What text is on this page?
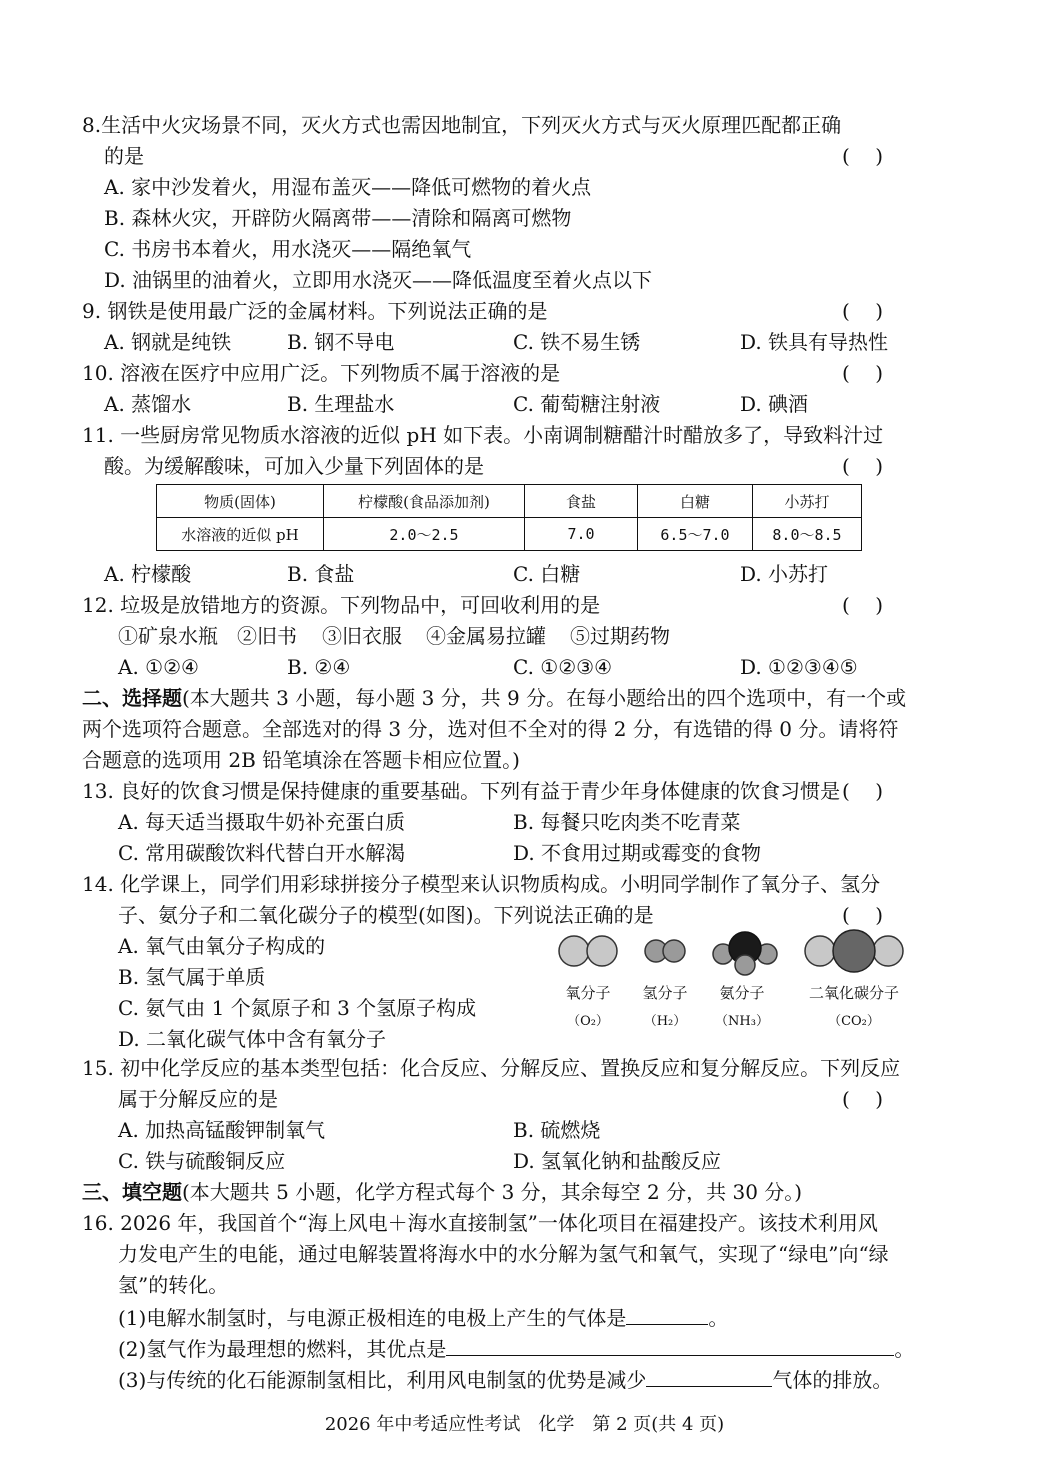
8.生活中火灾场景不同，灭火方式也需因地制宜，下列灭火方式与灭火原理匹配都正确
的是	(    )
A. 家中沙发着火，用湿布盖灭——降低可燃物的着火点
B. 森林火灾，开辟防火隔离带——清除和隔离可燃物
C. 书房书本着火，用水浇灭——隔绝氧气
D. 油锅里的油着火，立即用水浇灭——降低温度至着火点以下
9. 钢铁是使用最广泛的金属材料。下列说法正确的是	(    )
A. 钢就是纯铁	B. 钢不导电	C. 铁不易生锈	D. 铁具有导热性
10. 溶液在医疗中应用广泛。下列物质不属于溶液的是	(    )
A. 蒸馏水	B. 生理盐水	C. 葡萄糖注射液	D. 碘酒
11. 一些厨房常见物质水溶液的近似 pH 如下表。小南调制糖醋汁时醋放多了，导致料汁过
酸。为缓解酸味，可加入少量下列固体的是	(    )
物质(固体)	柠檬酸(食品添加剂)	食盐	白糖	小苏打
水溶液的近似 pH	2.0～2.5	7.0	6.5～7.0	8.0～8.5
A. 柠檬酸	B. 食盐	C. 白糖	D. 小苏打
12. 垃圾是放错地方的资源。下列物品中，可回收利用的是	(    )
①矿泉水瓶 ②旧书 ③旧衣服 ④金属易拉罐 ⑤过期药物
A. ①②④	B. ②④	C. ①②③④	D. ①②③④⑤
二、选择题(本大题共 3 小题，每小题 3 分，共 9 分。在每小题给出的四个选项中，有一个或
两个选项符合题意。全部选对的得 3 分，选对但不全对的得 2 分，有选错的得 0 分。请将符
合题意的选项用 2B 铅笔填涂在答题卡相应位置。)
13. 良好的饮食习惯是保持健康的重要基础。下列有益于青少年身体健康的饮食习惯是 (    )
A. 每天适当摄取牛奶补充蛋白质	B. 每餐只吃肉类不吃青菜
C. 常用碳酸饮料代替白开水解渴	D. 不食用过期或霉变的食物
14. 化学课上，同学们用彩球拼接分子模型来认识物质构成。小明同学制作了氧分子、氢分
子、氨分子和二氧化碳分子的模型(如图)。下列说法正确的是	(    )
A. 氧气由氧分子构成的
B. 氢气属于单质
C. 氨气由 1 个氮原子和 3 个氢原子构成
D. 二氧化碳气体中含有氧分子
氧分子	氢分子	氨分子	二氧化碳分子
（O₂）	（H₂）	（NH₃）	（CO₂）
15. 初中化学反应的基本类型包括：化合反应、分解反应、置换反应和复分解反应。下列反应
属于分解反应的是	(    )
A. 加热高锰酸钾制氧气	B. 硫燃烧
C. 铁与硫酸铜反应	D. 氢氧化钠和盐酸反应
三、填空题(本大题共 5 小题，化学方程式每个 3 分，其余每空 2 分，共 30 分。)
16. 2026 年，我国首个“海上风电＋海水直接制氢”一体化项目在福建投产。该技术利用风
力发电产生的电能，通过电解装置将海水中的水分解为氢气和氧气，实现了“绿电”向“绿
氢”的转化。
(1)电解水制氢时，与电源正极相连的电极上产生的气体是	。
(2)氢气作为最理想的燃料，其优点是	。
(3)与传统的化石能源制氢相比，利用风电制氢的优势是减少	气体的排放。
2026 年中考适应性考试　化学　第 2 页(共 4 页)
